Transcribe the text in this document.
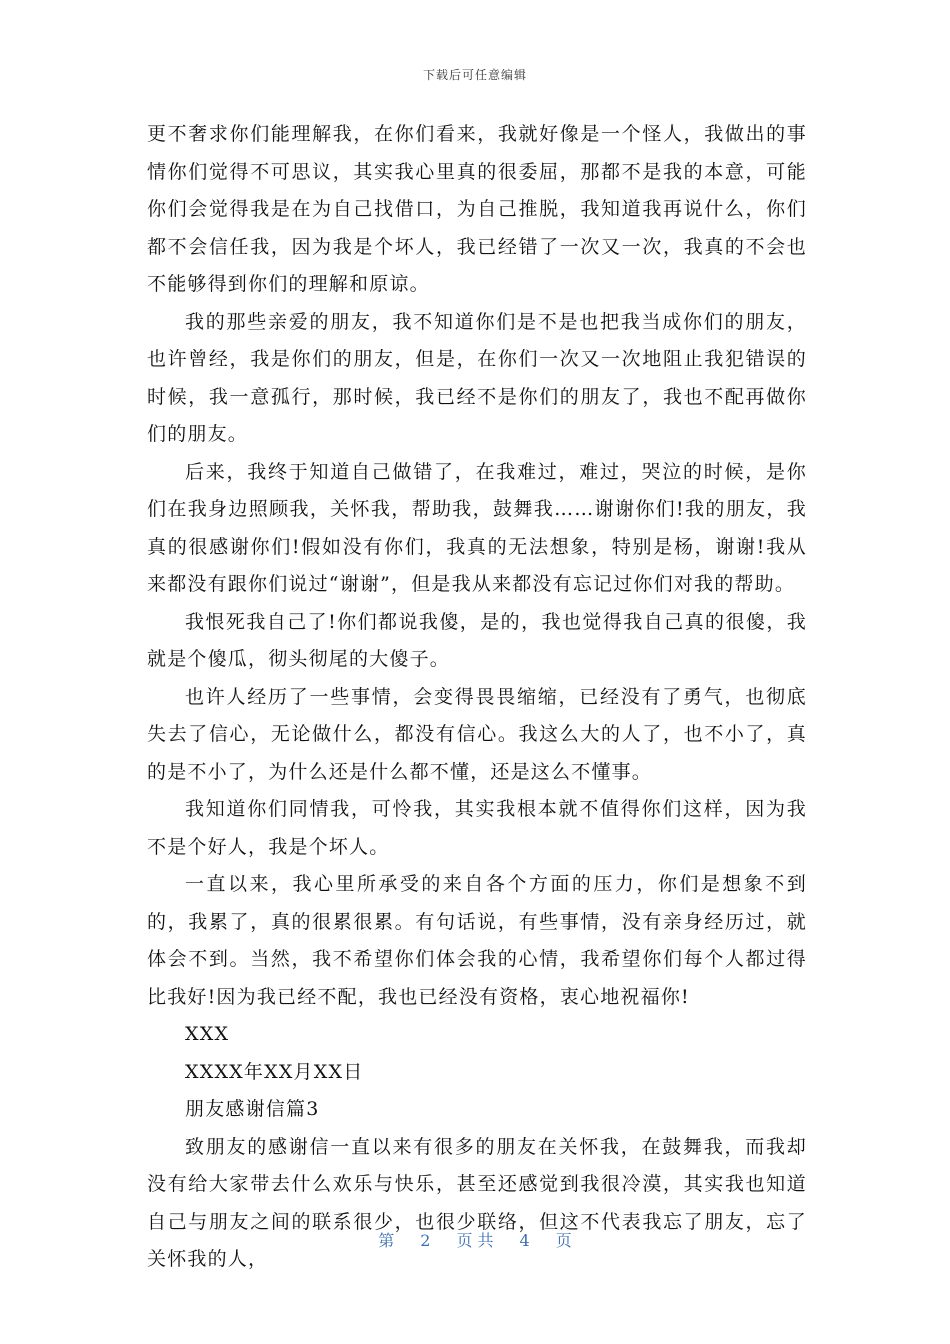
下载后可任意编辑

更不奢求你们能理解我，在你们看来，我就好像是一个怪人，我做出的事情你们觉得不可思议，其实我心里真的很委屈，那都不是我的本意，可能你们会觉得我是在为自己找借口，为自己推脱，我知道我再说什么，你们都不会信任我，因为我是个坏人，我已经错了一次又一次，我真的不会也不能够得到你们的理解和原谅。

我的那些亲爱的朋友，我不知道你们是不是也把我当成你们的朋友，也许曾经，我是你们的朋友，但是，在你们一次又一次地阻止我犯错误的时候，我一意孤行，那时候，我已经不是你们的朋友了，我也不配再做你们的朋友。

后来，我终于知道自己做错了，在我难过，难过，哭泣的时候，是你们在我身边照顾我，关怀我，帮助我，鼓舞我……谢谢你们!我的朋友，我真的很感谢你们!假如没有你们，我真的无法想象，特别是杨，谢谢!我从来都没有跟你们说过“谢谢”，但是我从来都没有忘记过你们对我的帮助。

我恨死我自己了!你们都说我傻，是的，我也觉得我自己真的很傻，我就是个傻瓜，彻头彻尾的大傻子。

也许人经历了一些事情，会变得畏畏缩缩，已经没有了勇气，也彻底失去了信心，无论做什么，都没有信心。我这么大的人了，也不小了，真的是不小了，为什么还是什么都不懂，还是这么不懂事。

我知道你们同情我，可怜我，其实我根本就不值得你们这样，因为我不是个好人，我是个坏人。

一直以来，我心里所承受的来自各个方面的压力，你们是想象不到的，我累了，真的很累很累。有句话说，有些事情，没有亲身经历过，就体会不到。当然，我不希望你们体会我的心情，我希望你们每个人都过得比我好!因为我已经不配，我也已经没有资格，衷心地祝福你!

XXX

XXXX年XX月XX日

朋友感谢信篇3

致朋友的感谢信一直以来有很多的朋友在关怀我，在鼓舞我，而我却没有给大家带去什么欢乐与快乐，甚至还感觉到我很冷漠，其实我也知道自己与朋友之间的联系很少，也很少联络，但这不代表我忘了朋友，忘了关怀我的人，

第 2 页 共 4 页
